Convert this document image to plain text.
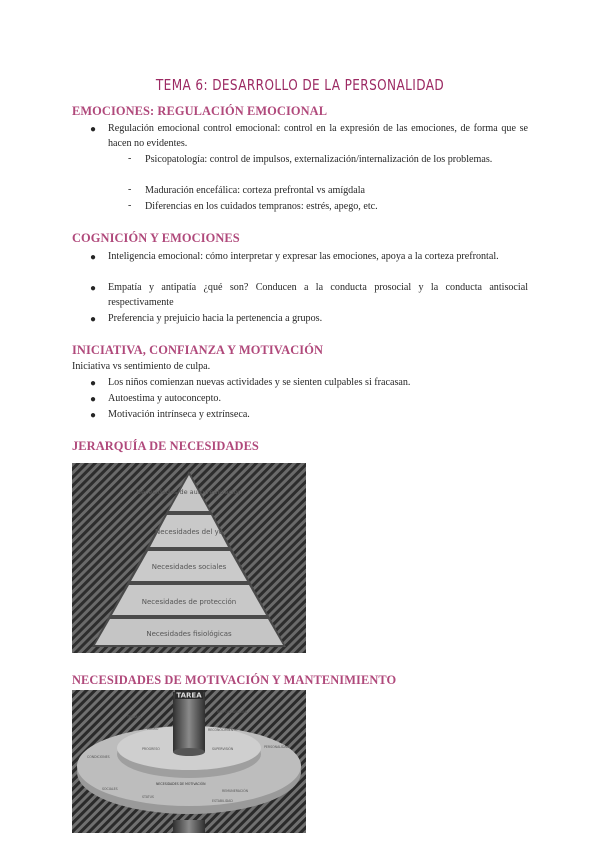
TEMA 6: DESARROLLO DE LA PERSONALIDAD
EMOCIONES: REGULACIÓN EMOCIONAL
● Regulación emocional control emocional: control en la expresión de las emociones, de forma que se hacen no evidentes.
- Psicopatología: control de impulsos, externalización/internalización de los problemas.
- Maduración encefálica: corteza prefrontal vs amígdala
- Diferencias en los cuidados tempranos: estrés, apego, etc.
COGNICIÓN Y EMOCIONES
● Inteligencia emocional: cómo interpretar y expresar las emociones, apoya a la corteza prefrontal.
● Empatía y antipatía ¿qué son? Conducen a la conducta prosocial y la conducta antisocial respectivamente
● Preferencia y prejuicio hacia la pertenencia a grupos.
INICIATIVA, CONFIANZA Y MOTIVACIÓN
Iniciativa vs sentimiento de culpa.
● Los niños comienzan nuevas actividades y se sienten culpables si fracasan.
● Autoestima y autoconcepto.
● Motivación intrínseca y extrínseca.
JERARQUÍA DE NECESIDADES
Necesidades de autorrealización
Necesidades del yo
Necesidades sociales
Necesidades de protección
Necesidades fisiológicas
NECESIDADES DE MOTIVACIÓN Y MANTENIMIENTO
TAREA
TRABAJO
LOGRO	RECONOCIMIENTO
RESPONSABILIDAD
PROGRESO	PERSONALIDAD
SUPERVISIÓN
CONDICIONES
NECESIDADES DE MOTIVACIÓN
REMUNERACIÓN
STATUS
ESTABILIDAD
SOCIALES
